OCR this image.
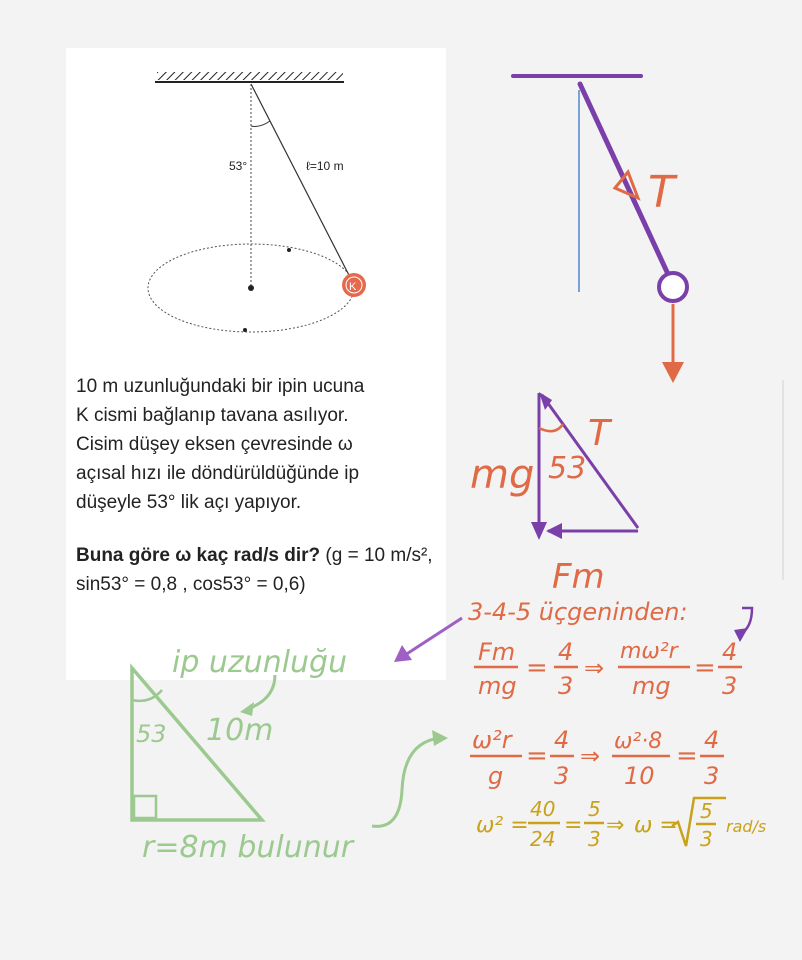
53°	ℓ=10 m
K
T
53
mg
T
Fm
ip uzunluğu
53 10m
r=8m bulunur
3-4-5 üçgeninden:
Fm
mg
=
4
3
⇒
mω²r
mg
=
4
3
ω²r
g
=
4
3
⇒
ω²·8
10
=
4
3
ω² =
40
24
=
5
3
⇒ ω =
5
3
rad/s

10 m uzunluğundaki bir ipin ucuna

K cismi bağlanıp tavana asılıyor.

Cisim düşey eksen çevresinde ω

açısal hızı ile döndürüldüğünde ip

düşeyle 53° lik açı yapıyor.

Buna göre ω kaç rad/s dir? (g = 10 m/s², sin53° = 0,8 , cos53° = 0,6)
